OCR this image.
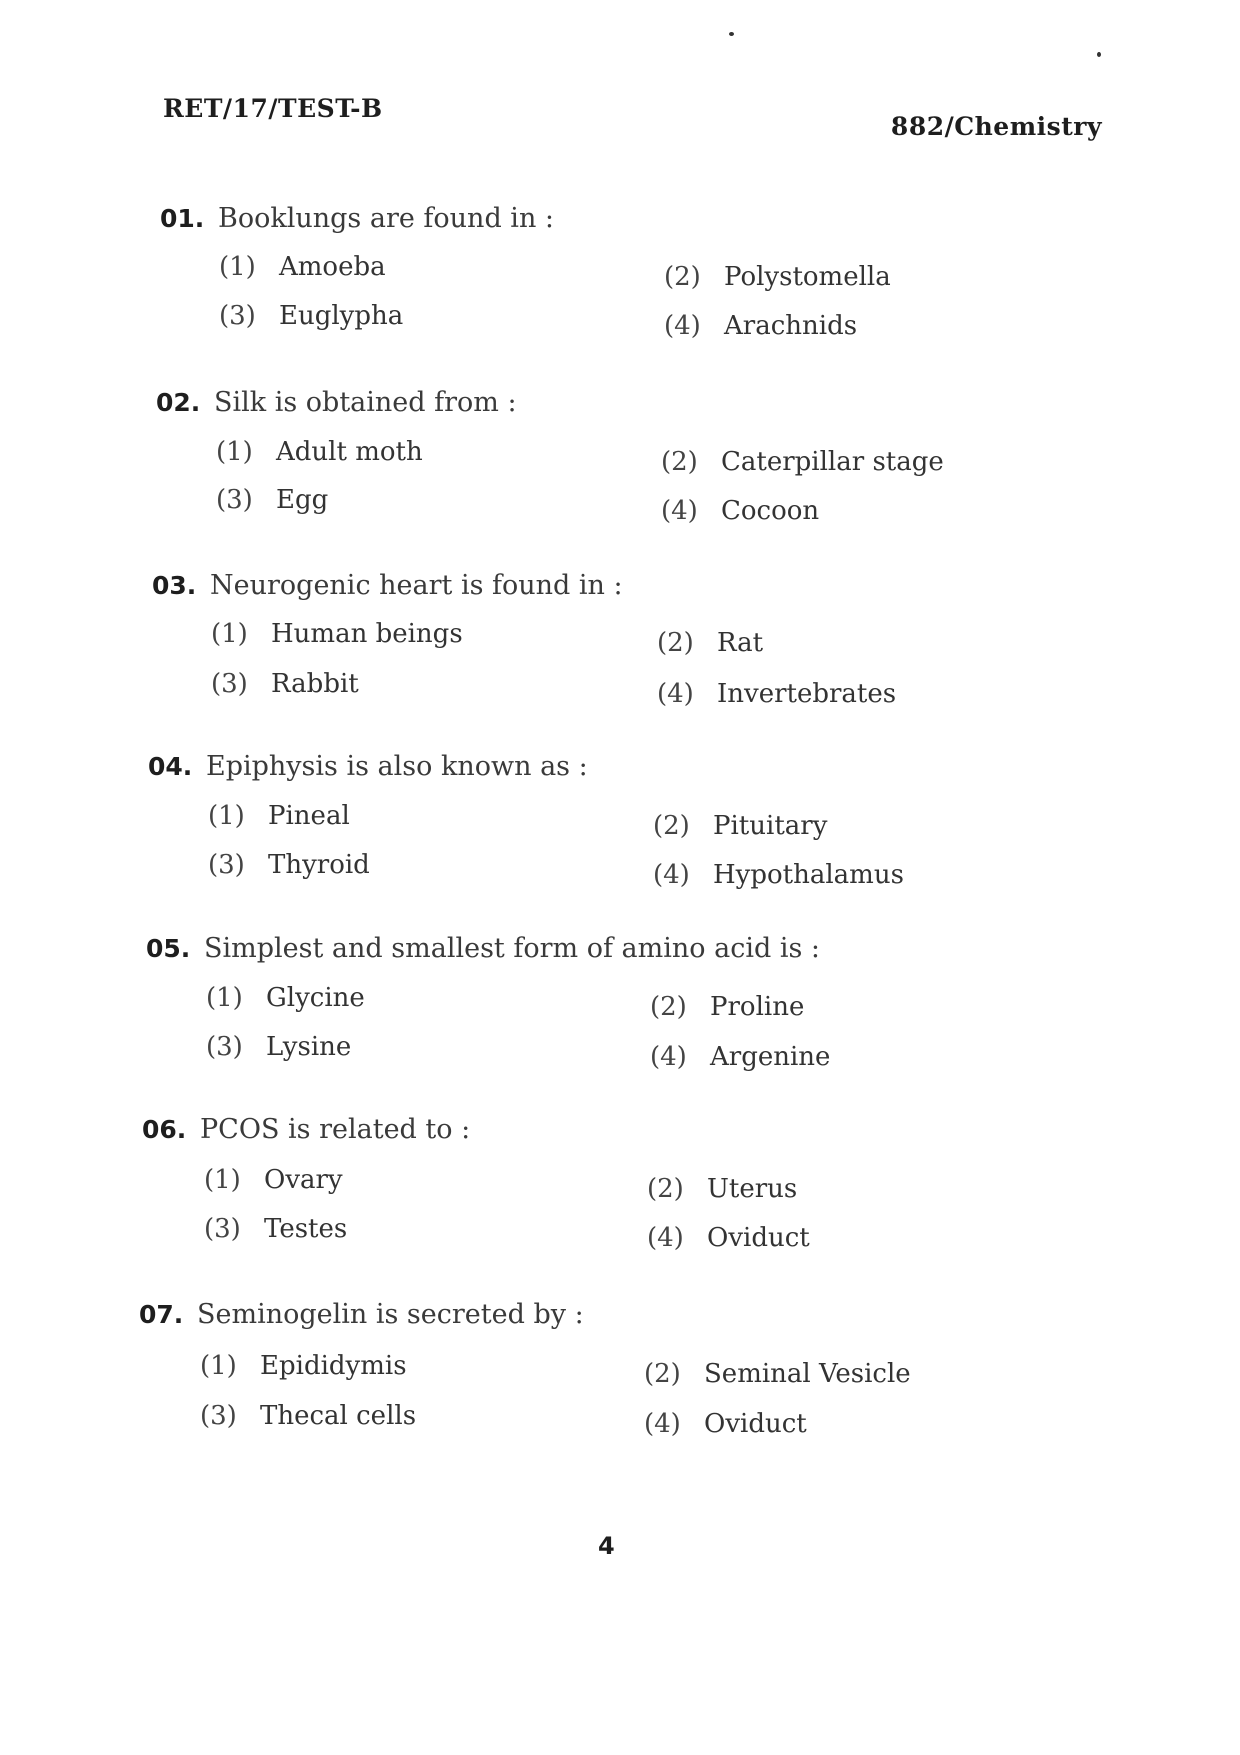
RET/17/TEST-B
882/Chemistry
01. Booklungs are found in :
(1) Amoeba	(2) Polystomella
(3) Euglypha	(4) Arachnids
02. Silk is obtained from :
(1) Adult moth	(2) Caterpillar stage
(3) Egg	(4) Cocoon
03. Neurogenic heart is found in :
(1) Human beings	(2) Rat
(3) Rabbit	(4) Invertebrates
04. Epiphysis is also known as :
(1) Pineal	(2) Pituitary
(3) Thyroid	(4) Hypothalamus
05. Simplest and smallest form of amino acid is :
(1) Glycine	(2) Proline
(3) Lysine	(4) Argenine
06. PCOS is related to :
(1) Ovary	(2) Uterus
(3) Testes	(4) Oviduct
07. Seminogelin is secreted by :
(1) Epididymis	(2) Seminal Vesicle
(3) Thecal cells	(4) Oviduct
4
